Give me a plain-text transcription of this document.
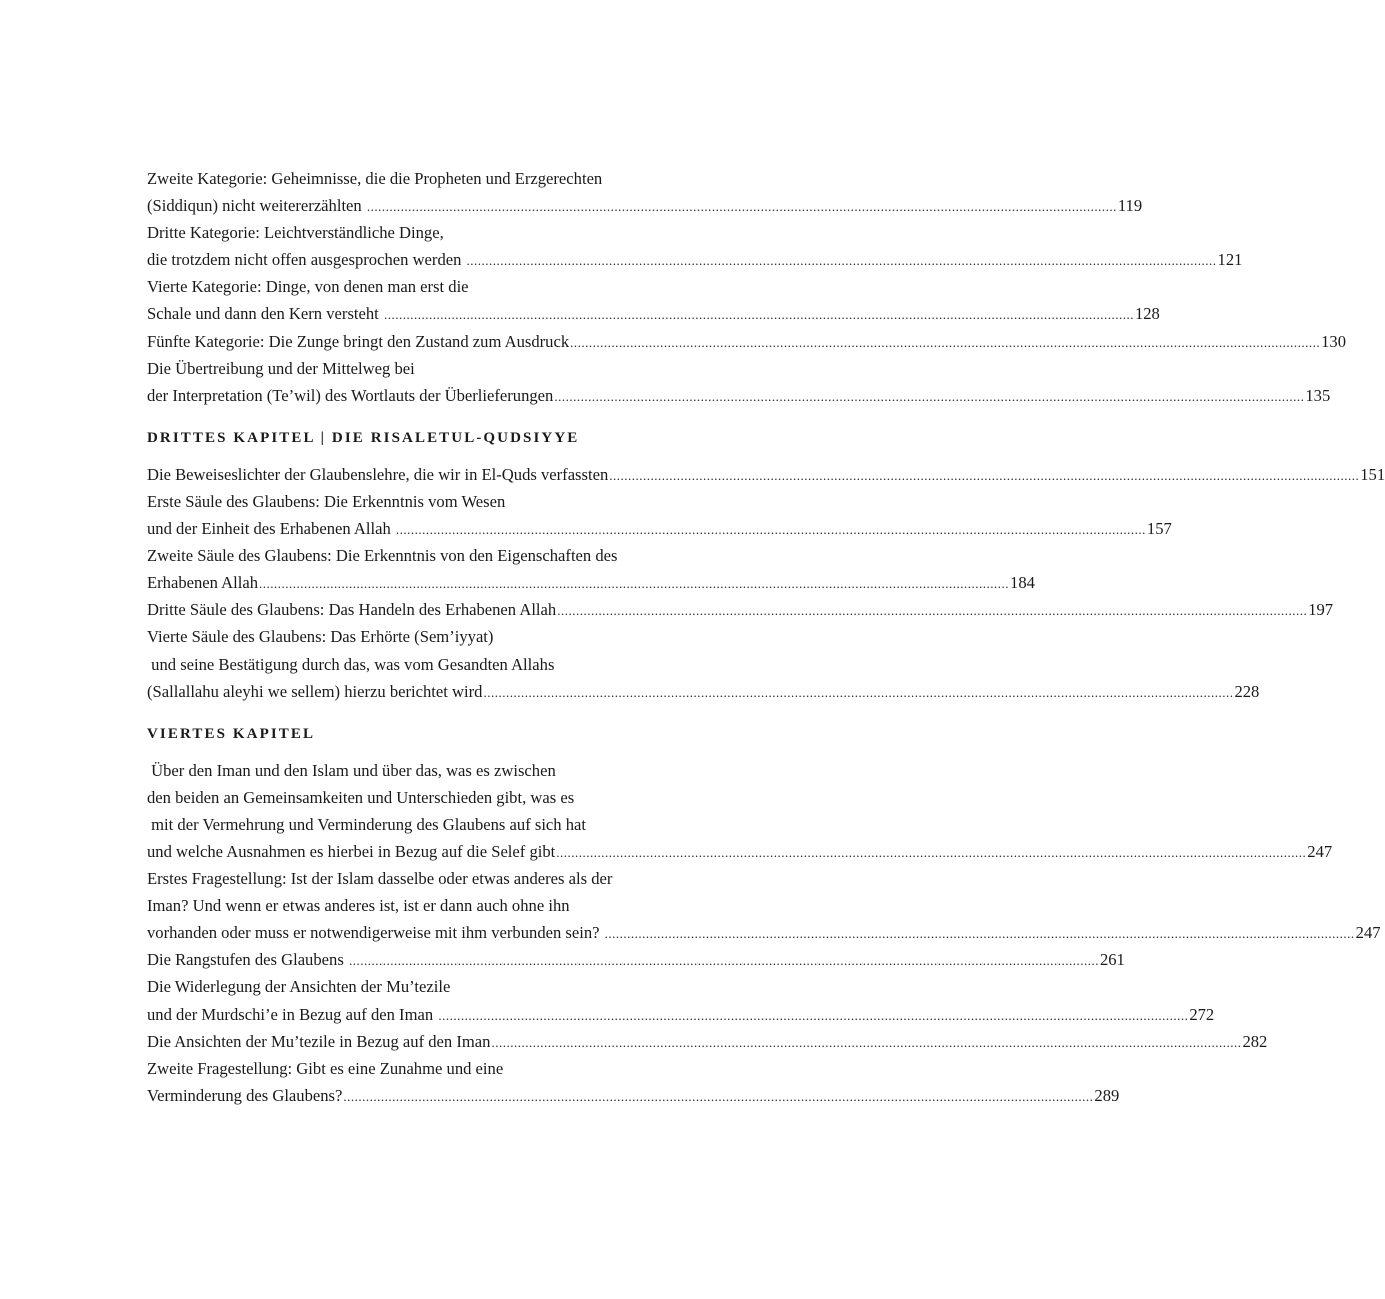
Zweite Kategorie: Geheimnisse, die die Propheten und Erzgerechten
(Siddiqun) nicht weitererzählten ........................................................................................................................................................................................................ 119
Dritte Kategorie: Leichtverständliche Dinge,
die trotzdem nicht offen ausgesprochen werden ........................................................................................................................................................................................................ 121
Vierte Kategorie: Dinge, von denen man erst die
Schale und dann den Kern versteht ........................................................................................................................................................................................................ 128
Fünfte Kategorie: Die Zunge bringt den Zustand zum Ausdruck ........................................................................................................................................................................................................ 130
Die Übertreibung und der Mittelweg bei
der Interpretation (Te’wil) des Wortlauts der Überlieferungen ........................................................................................................................................................................................................ 135
DRITTES KAPITEL | DIE RISALETUL-QUDSIYYE
Die Beweiseslichter der Glaubenslehre, die wir in El-Quds verfassten ........................................................................................................................................................................................................ 151
Erste Säule des Glaubens: Die Erkenntnis vom Wesen
und der Einheit des Erhabenen Allah ........................................................................................................................................................................................................ 157
Zweite Säule des Glaubens: Die Erkenntnis von den Eigenschaften des
Erhabenen Allah ........................................................................................................................................................................................................ 184
Dritte Säule des Glaubens: Das Handeln des Erhabenen Allah ........................................................................................................................................................................................................ 197
Vierte Säule des Glaubens: Das Erhörte (Sem’iyyat)
und seine Bestätigung durch das, was vom Gesandten Allahs
(Sallallahu aleyhi we sellem) hierzu berichtet wird ........................................................................................................................................................................................................ 228
VIERTES KAPITEL
Über den Iman und den Islam und über das, was es zwischen
den beiden an Gemeinsamkeiten und Unterschieden gibt, was es
mit der Vermehrung und Verminderung des Glaubens auf sich hat
und welche Ausnahmen es hierbei in Bezug auf die Selef gibt ........................................................................................................................................................................................................ 247
Erstes Fragestellung: Ist der Islam dasselbe oder etwas anderes als der
Iman? Und wenn er etwas anderes ist, ist er dann auch ohne ihn
vorhanden oder muss er notwendigerweise mit ihm verbunden sein? ........................................................................................................................................................................................................ 247
Die Rangstufen des Glaubens ........................................................................................................................................................................................................ 261
Die Widerlegung der Ansichten der Mu’tezile
und der Murdschi’e in Bezug auf den Iman ........................................................................................................................................................................................................ 272
Die Ansichten der Mu’tezile in Bezug auf den Iman ........................................................................................................................................................................................................ 282
Zweite Fragestellung: Gibt es eine Zunahme und eine
Verminderung des Glaubens? ........................................................................................................................................................................................................ 289
